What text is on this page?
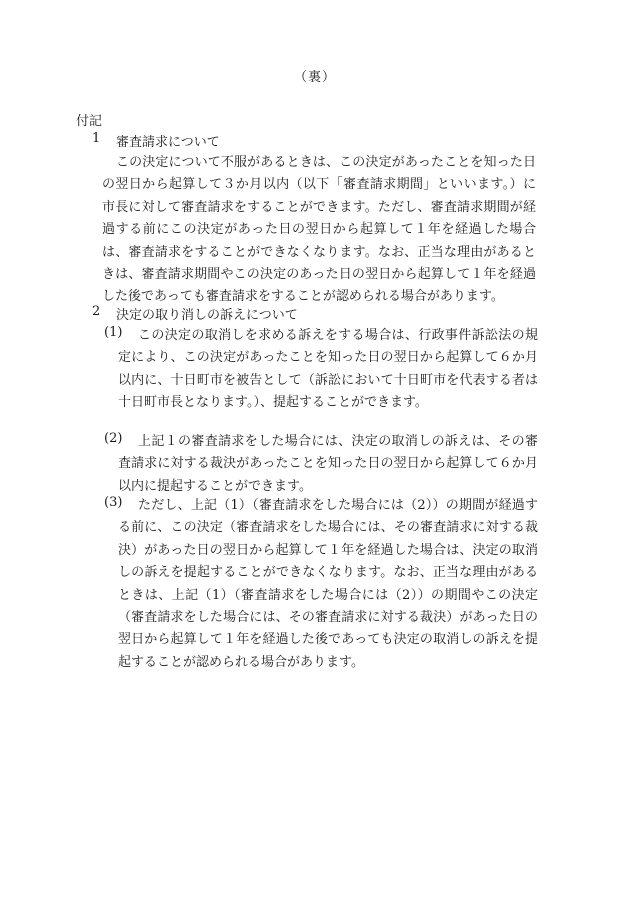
（裏）
付記
1 審査請求について
この決定について不服があるときは、この決定があったことを知った日の翌日から起算して３か月以内（以下「審査請求期間」といいます。）に市長に対して審査請求をすることができます。ただし、審査請求期間が経過する前にこの決定があった日の翌日から起算して１年を経過した場合は、審査請求をすることができなくなります。なお、正当な理由があるときは、審査請求期間やこの決定のあった日の翌日から起算して１年を経過した後であっても審査請求をすることが認められる場合があります。
2 決定の取り消しの訴えについて
(1)	この決定の取消しを求める訴えをする場合は、行政事件訴訟法の規定により、この決定があったことを知った日の翌日から起算して６か月以内に、十日町市を被告として（訴訟において十日町市を代表する者は十日町市長となります。）、提起することができます。
(2)	上記１の審査請求をした場合には、決定の取消しの訴えは、その審査請求に対する裁決があったことを知った日の翌日から起算して６か月以内に提起することができます。
(3)	ただし、上記（1）（審査請求をした場合には（2））の期間が経過する前に、この決定（審査請求をした場合には、その審査請求に対する裁決）があった日の翌日から起算して１年を経過した場合は、決定の取消しの訴えを提起することができなくなります。なお、正当な理由があるときは、上記（1）（審査請求をした場合には（2））の期間やこの決定（審査請求をした場合には、その審査請求に対する裁決）があった日の翌日から起算して１年を経過した後であっても決定の取消しの訴えを提起することが認められる場合があります。
